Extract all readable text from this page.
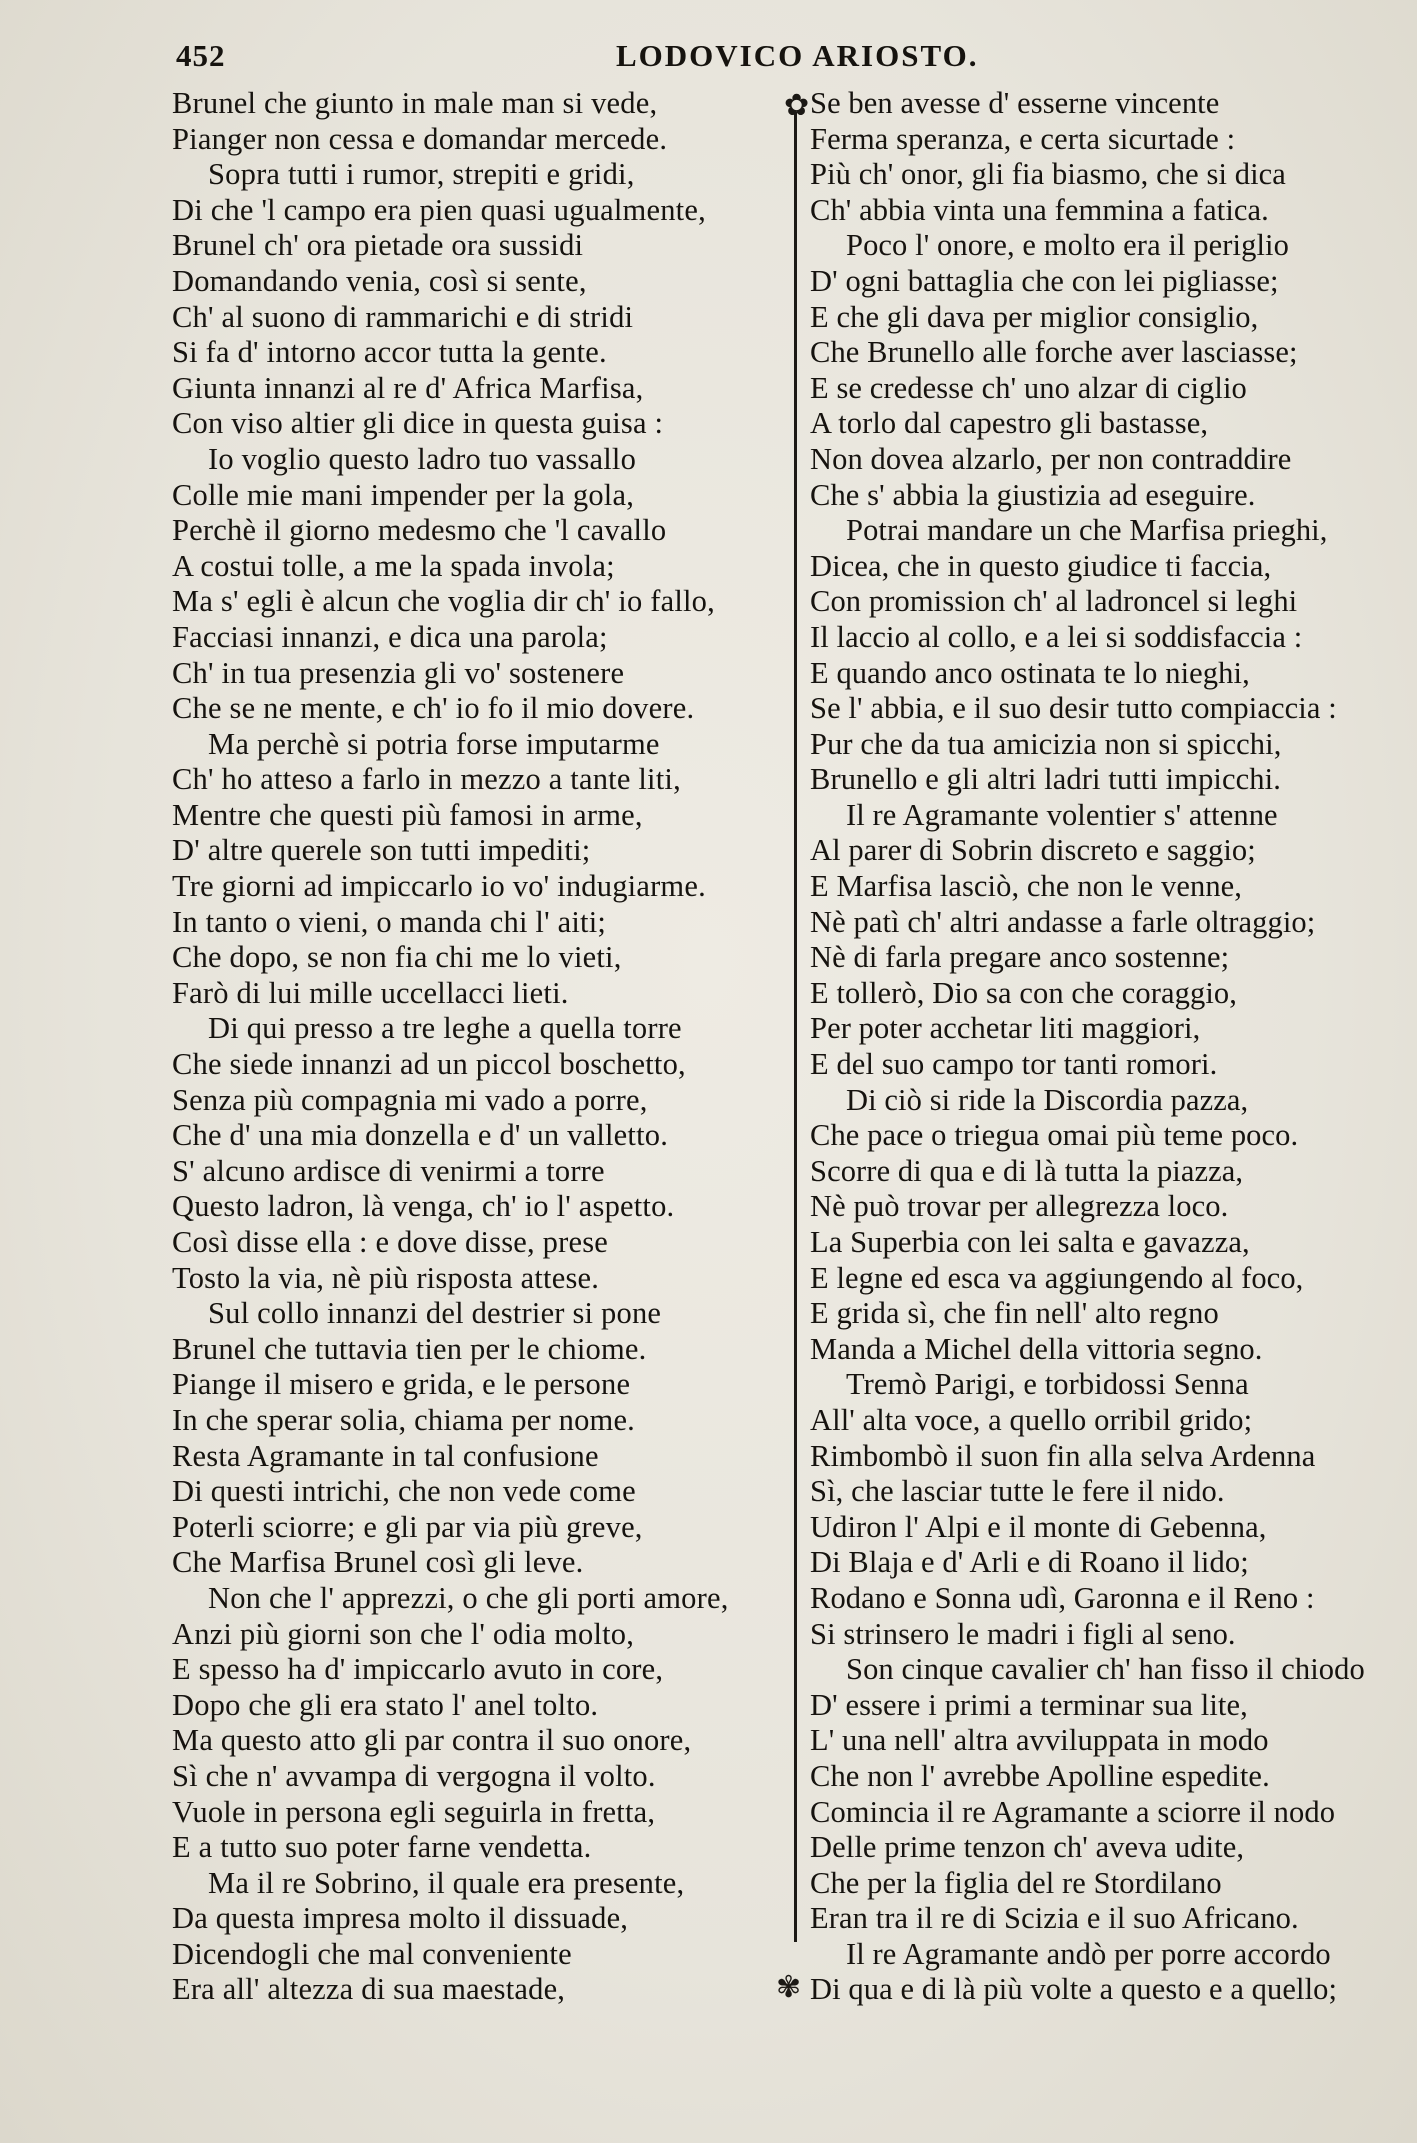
452	LODOVICO ARIOSTO.
Brunel che giunto in male man si vede,
Pianger non cessa e domandar mercede.
Sopra tutti i rumor, strepiti e gridi,
Di che 'l campo era pien quasi ugualmente,
Brunel ch' ora pietade ora sussidi
Domandando venia, così si sente,
Ch' al suono di rammarichi e di stridi
Si fa d' intorno accor tutta la gente.
Giunta innanzi al re d' Africa Marfisa,
Con viso altier gli dice in questa guisa :
Io voglio questo ladro tuo vassallo
Colle mie mani impender per la gola,
Perchè il giorno medesmo che 'l cavallo
A costui tolle, a me la spada invola;
Ma s' egli è alcun che voglia dir ch' io fallo,
Facciasi innanzi, e dica una parola;
Ch' in tua presenzia gli vo' sostenere
Che se ne mente, e ch' io fo il mio dovere.
Ma perchè si potria forse imputarme
Ch' ho atteso a farlo in mezzo a tante liti,
Mentre che questi più famosi in arme,
D' altre querele son tutti impediti;
Tre giorni ad impiccarlo io vo' indugiarme.
In tanto o vieni, o manda chi l' aiti;
Che dopo, se non fia chi me lo vieti,
Farò di lui mille uccellacci lieti.
Di qui presso a tre leghe a quella torre
Che siede innanzi ad un piccol boschetto,
Senza più compagnia mi vado a porre,
Che d' una mia donzella e d' un valletto.
S' alcuno ardisce di venirmi a torre
Questo ladron, là venga, ch' io l' aspetto.
Così disse ella : e dove disse, prese
Tosto la via, nè più risposta attese.
Sul collo innanzi del destrier si pone
Brunel che tuttavia tien per le chiome.
Piange il misero e grida, e le persone
In che sperar solia, chiama per nome.
Resta Agramante in tal confusione
Di questi intrichi, che non vede come
Poterli sciorre; e gli par via più greve,
Che Marfisa Brunel così gli leve.
Non che l' apprezzi, o che gli porti amore,
Anzi più giorni son che l' odia molto,
E spesso ha d' impiccarlo avuto in core,
Dopo che gli era stato l' anel tolto.
Ma questo atto gli par contra il suo onore,
Sì che n' avvampa di vergogna il volto.
Vuole in persona egli seguirla in fretta,
E a tutto suo poter farne vendetta.
Ma il re Sobrino, il quale era presente,
Da questa impresa molto il dissuade,
Dicendogli che mal conveniente
Era all' altezza di sua maestade,
✿
✾
Se ben avesse d' esserne vincente
Ferma speranza, e certa sicurtade :
Più ch' onor, gli fia biasmo, che si dica
Ch' abbia vinta una femmina a fatica.
Poco l' onore, e molto era il periglio
D' ogni battaglia che con lei pigliasse;
E che gli dava per miglior consiglio,
Che Brunello alle forche aver lasciasse;
E se credesse ch' uno alzar di ciglio
A torlo dal capestro gli bastasse,
Non dovea alzarlo, per non contraddire
Che s' abbia la giustizia ad eseguire.
Potrai mandare un che Marfisa prieghi,
Dicea, che in questo giudice ti faccia,
Con promission ch' al ladroncel si leghi
Il laccio al collo, e a lei si soddisfaccia :
E quando anco ostinata te lo nieghi,
Se l' abbia, e il suo desir tutto compiaccia :
Pur che da tua amicizia non si spicchi,
Brunello e gli altri ladri tutti impicchi.
Il re Agramante volentier s' attenne
Al parer di Sobrin discreto e saggio;
E Marfisa lasciò, che non le venne,
Nè patì ch' altri andasse a farle oltraggio;
Nè di farla pregare anco sostenne;
E tollerò, Dio sa con che coraggio,
Per poter acchetar liti maggiori,
E del suo campo tor tanti romori.
Di ciò si ride la Discordia pazza,
Che pace o triegua omai più teme poco.
Scorre di qua e di là tutta la piazza,
Nè può trovar per allegrezza loco.
La Superbia con lei salta e gavazza,
E legne ed esca va aggiungendo al foco,
E grida sì, che fin nell' alto regno
Manda a Michel della vittoria segno.
Tremò Parigi, e torbidossi Senna
All' alta voce, a quello orribil grido;
Rimbombò il suon fin alla selva Ardenna
Sì, che lasciar tutte le fere il nido.
Udiron l' Alpi e il monte di Gebenna,
Di Blaja e d' Arli e di Roano il lido;
Rodano e Sonna udì, Garonna e il Reno :
Si strinsero le madri i figli al seno.
Son cinque cavalier ch' han fisso il chiodo
D' essere i primi a terminar sua lite,
L' una nell' altra avviluppata in modo
Che non l' avrebbe Apolline espedite.
Comincia il re Agramante a sciorre il nodo
Delle prime tenzon ch' aveva udite,
Che per la figlia del re Stordilano
Eran tra il re di Scizia e il suo Africano.
Il re Agramante andò per porre accordo
Di qua e di là più volte a questo e a quello;
